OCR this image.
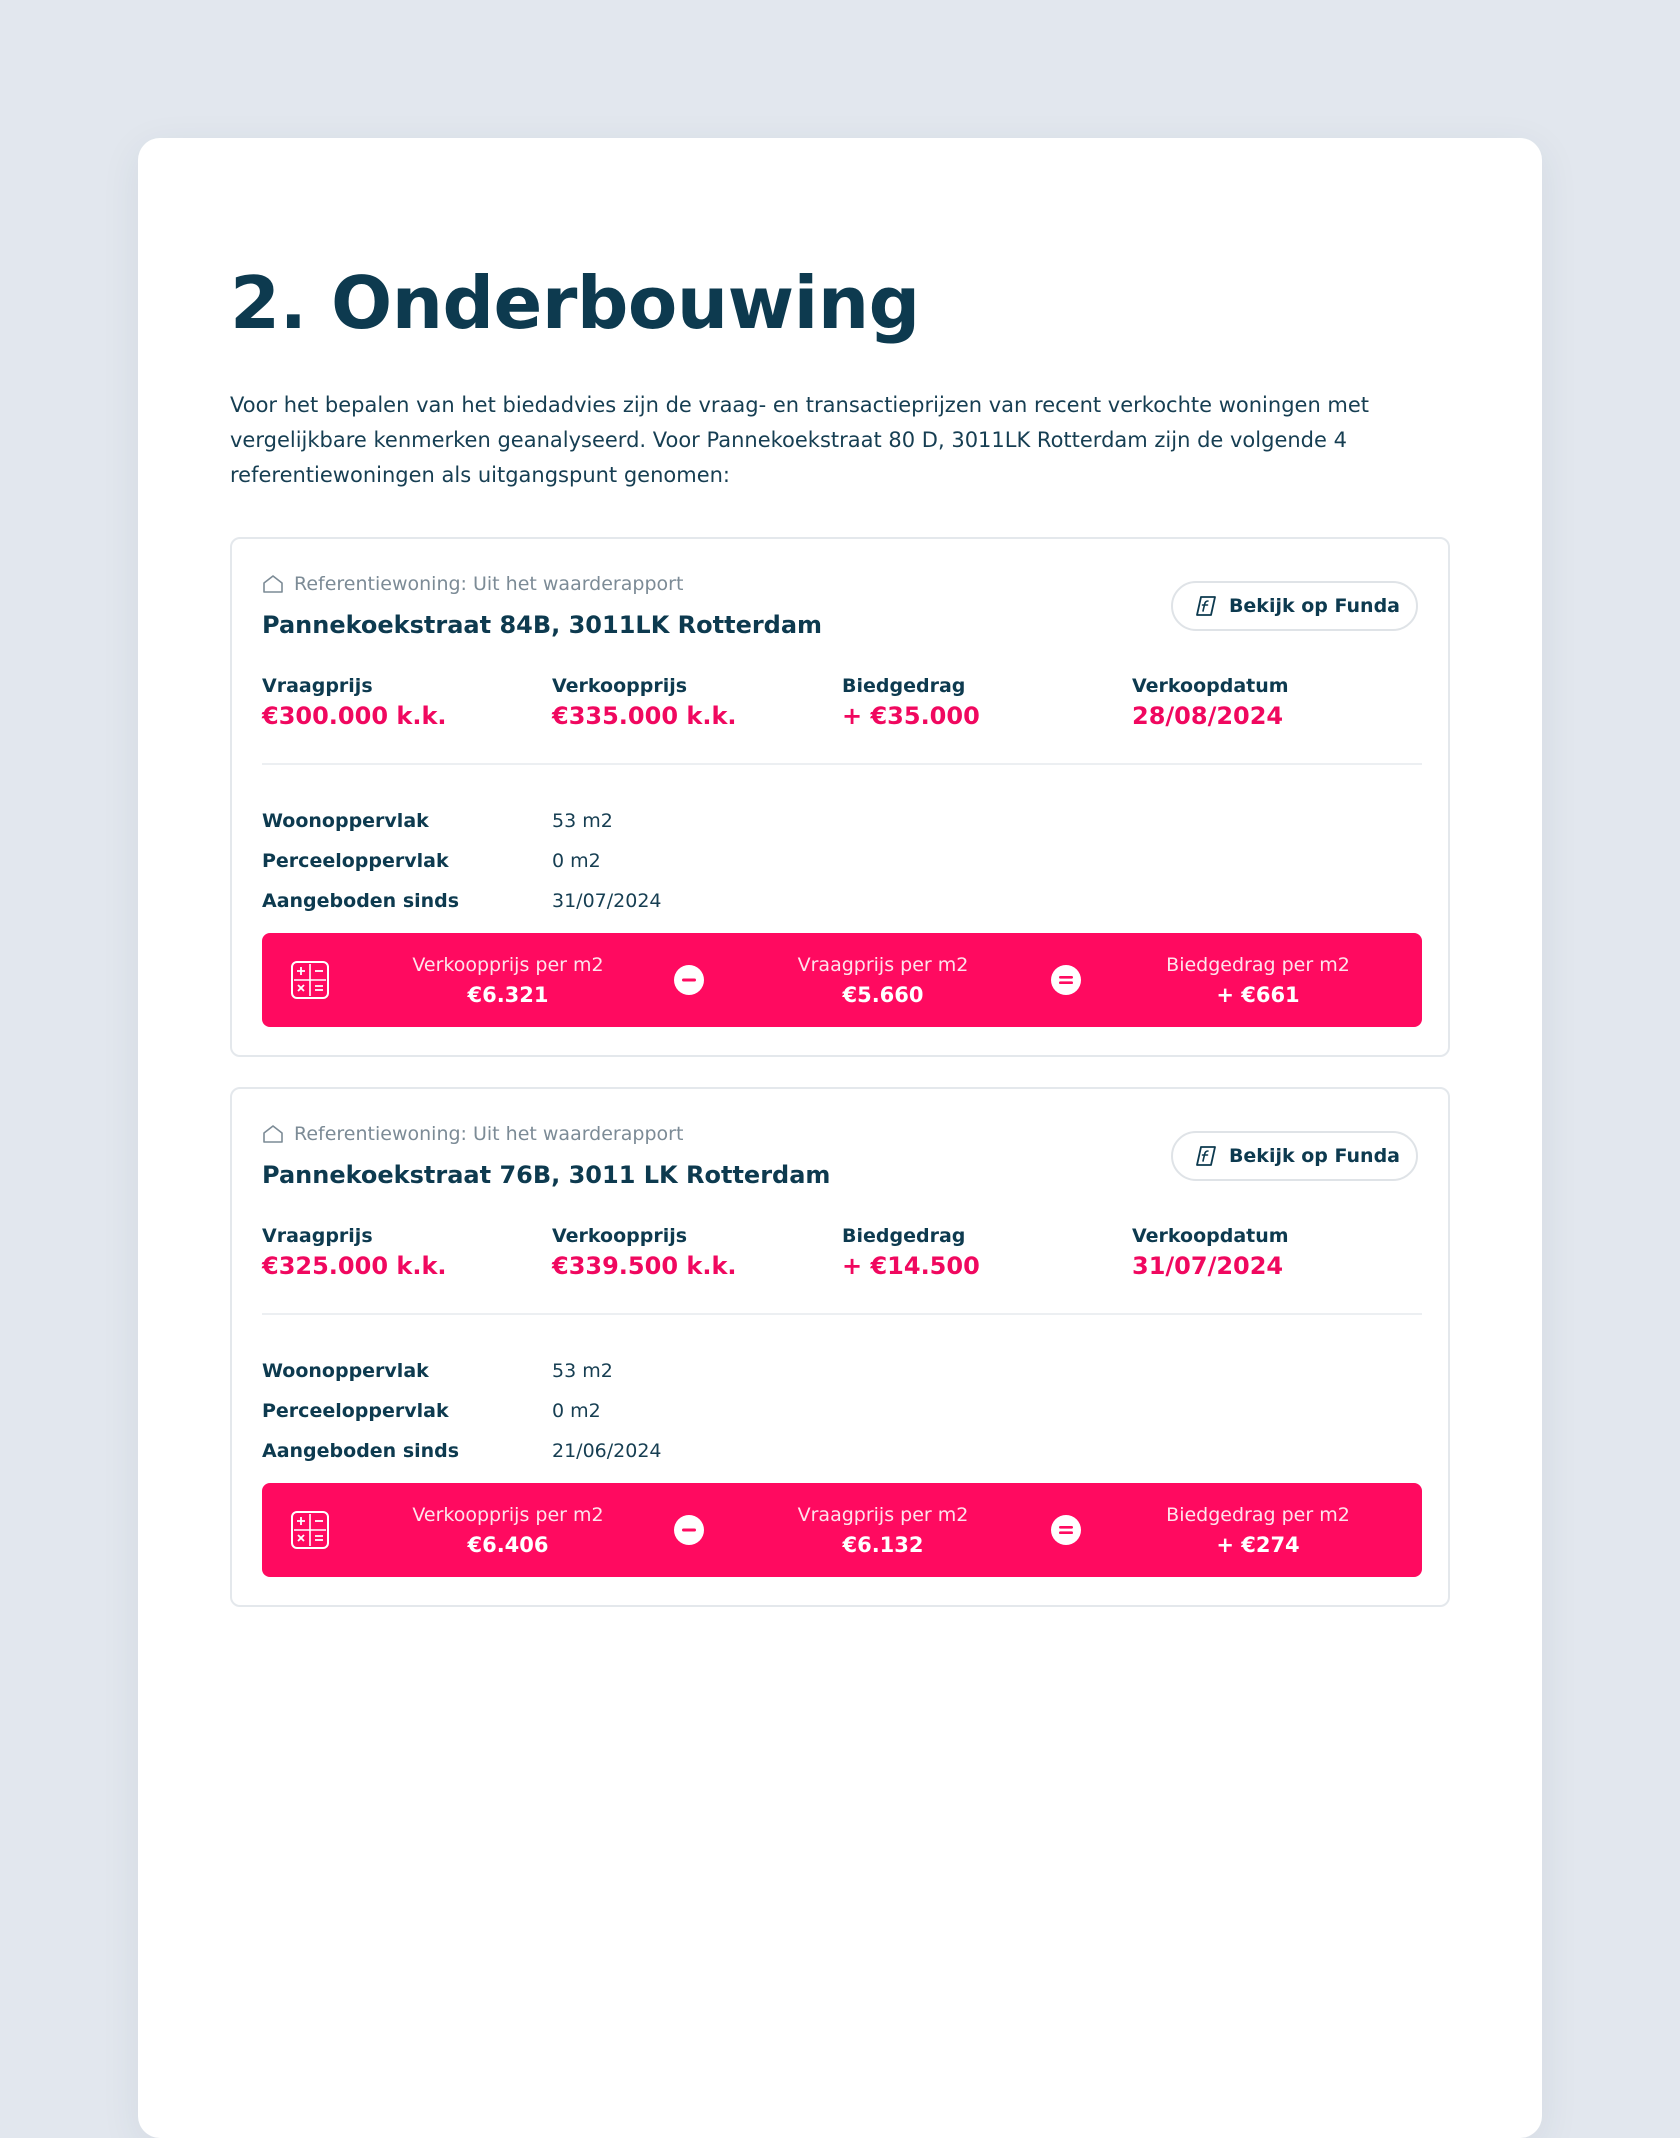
2. Onderbouwing

Voor het bepalen van het biedadvies zijn de vraag- en transactieprijzen van recent verkochte woningen met vergelijkbare kenmerken geanalyseerd. Voor Pannekoekstraat 80 D, 3011LK Rotterdam zijn de volgende 4 referentiewoningen als uitgangspunt genomen:

Referentiewoning: Uit het waarderapport
Pannekoekstraat 84B, 3011LK Rotterdam
Bekijk op Funda
Vraagprijs
€300.000 k.k.
Verkoopprijs
€335.000 k.k.
Biedgedrag
+ €35.000
Verkoopdatum
28/08/2024
Woonoppervlak	53 m2
Perceeloppervlak	0 m2
Aangeboden sinds	31/07/2024
Verkoopprijs per m2
€6.321
Vraagprijs per m2
€5.660
Biedgedrag per m2
+ €661
Referentiewoning: Uit het waarderapport
Pannekoekstraat 76B, 3011 LK Rotterdam
Bekijk op Funda
Vraagprijs
€325.000 k.k.
Verkoopprijs
€339.500 k.k.
Biedgedrag
+ €14.500
Verkoopdatum
31/07/2024
Woonoppervlak	53 m2
Perceeloppervlak	0 m2
Aangeboden sinds	21/06/2024
Verkoopprijs per m2
€6.406
Vraagprijs per m2
€6.132
Biedgedrag per m2
+ €274
